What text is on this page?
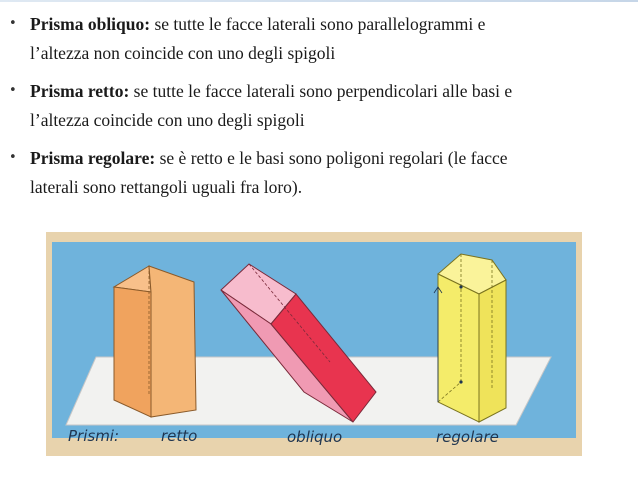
• Prisma obliquo: se tutte le facce laterali sono parallelogrammi e
l’altezza non coincide con uno degli spigoli
• Prisma retto: se tutte le facce laterali sono perpendicolari alle basi e
l’altezza coincide con uno degli spigoli
• Prisma regolare: se è retto e le basi sono poligoni regolari (le facce
laterali sono rettangoli uguali fra loro).
Prismi:	retto	obliquo	regolare
